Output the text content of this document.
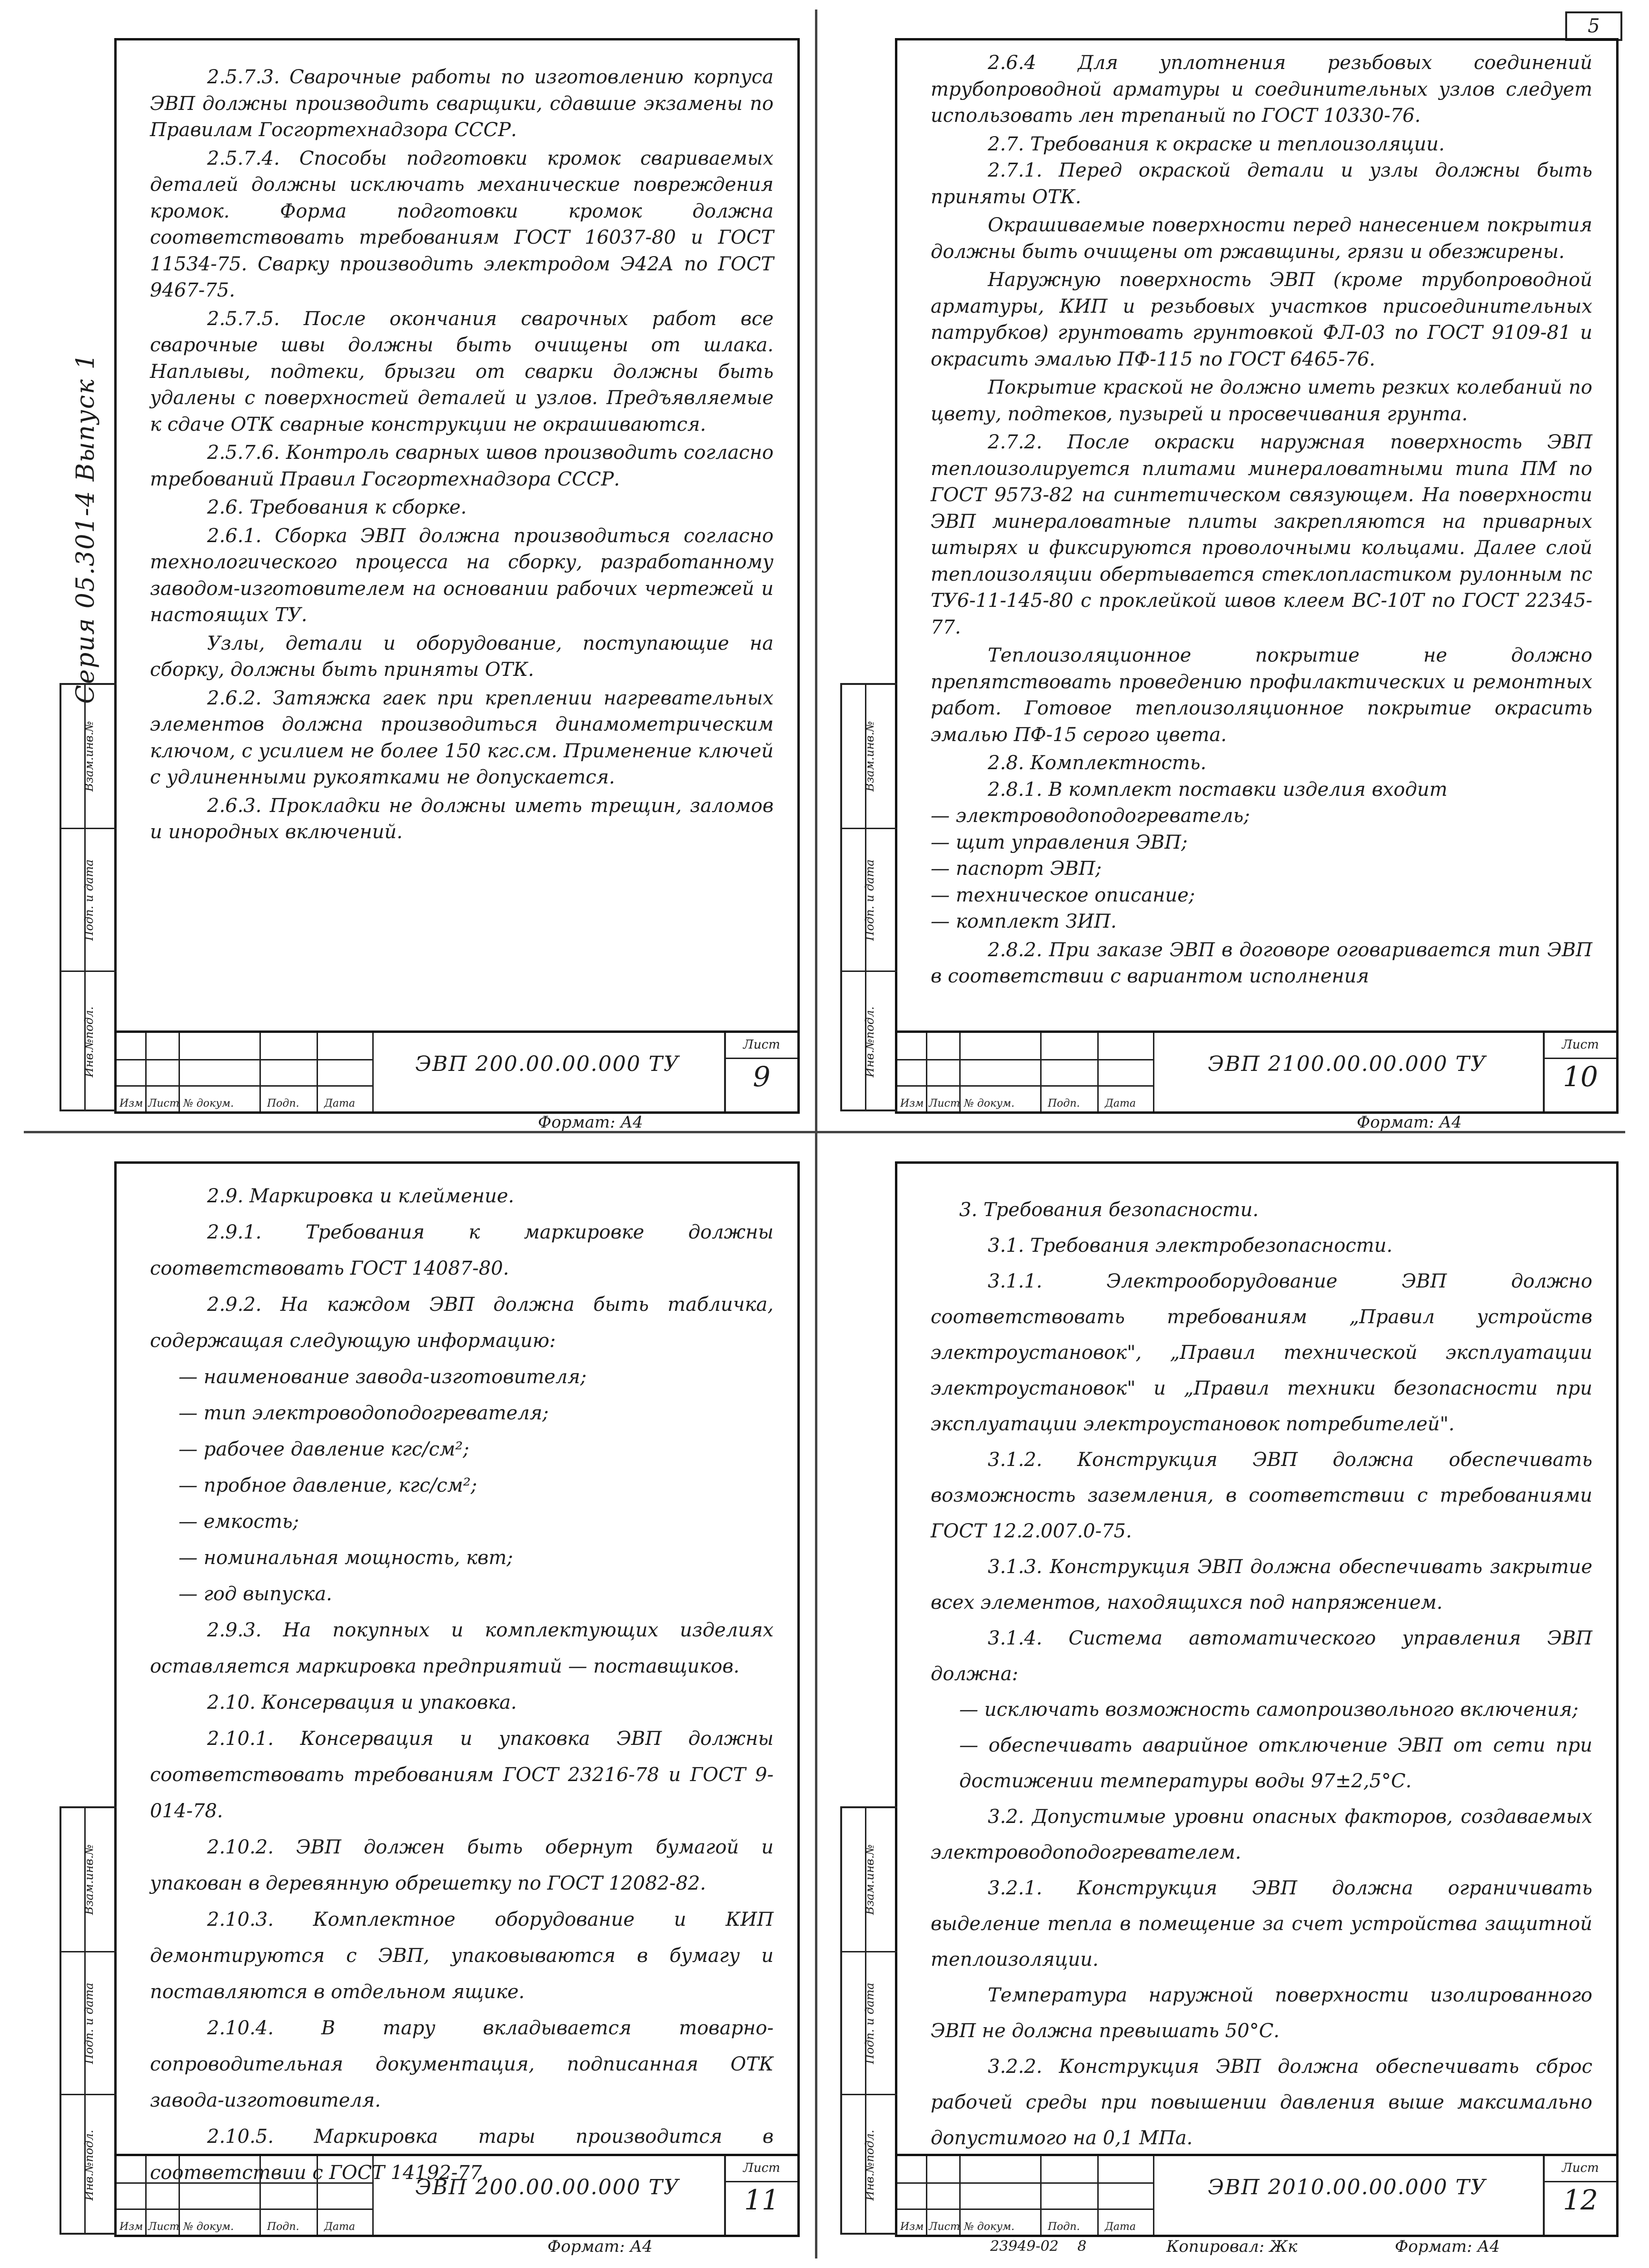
5
Серия 05.301-4 Выпуск 1

2.5.7.3. Сварочные работы по изготовлению корпуса ЭВП должны производить сварщики, сдавшие экзамены по Правилам Госгортехнадзора СССР.

2.5.7.4. Способы подготовки кромок свариваемых деталей должны исключать механические повреждения кромок. Форма подготовки кромок должна соответствовать требованиям ГОСТ 16037-80 и ГОСТ 11534-75. Сварку производить электродом Э42А по ГОСТ 9467-75.

2.5.7.5. После окончания сварочных работ все сварочные швы должны быть очищены от шлака. Наплывы, подтеки, брызги от сварки должны быть удалены с поверхностей деталей и узлов. Предъявляемые к сдаче ОТК сварные конструкции не окрашиваются.

2.5.7.6. Контроль сварных швов производить согласно требований Правил Госгортехнадзора СССР.

2.6. Требования к сборке.

2.6.1. Сборка ЭВП должна производиться согласно технологического процесса на сборку, разработанному заводом-изготовителем на основании рабочих чертежей и настоящих ТУ.

Узлы, детали и оборудование, поступающие на сборку, должны быть приняты ОТК.

2.6.2. Затяжка гаек при креплении нагревательных элементов должна производиться динамометрическим ключом, с усилием не более 150 кгс.см. Применение ключей с удлиненными рукоятками не допускается.

2.6.3. Прокладки не должны иметь трещин, заломов и инородных включений.

Взам.инв.№
Подп. и дата
Инв.№подл.
Изм Лист № докум.	Подп. Дата
ЭВП 200.00.00.000 ТУ
Лист
9
Формат: А4

2.6.4 Для уплотнения резьбовых соединений трубопроводной арматуры и соединительных узлов следует использовать лен трепаный по ГОСТ 10330-76.

2.7. Требования к окраске и теплоизоляции.

2.7.1. Перед окраской детали и узлы должны быть приняты ОТК.

Окрашиваемые поверхности перед нанесением покрытия должны быть очищены от ржавщины, грязи и обезжирены.

Наружную поверхность ЭВП (кроме трубопроводной арматуры, КИП и резьбовых участков присоединительных патрубков) грунтовать грунтовкой ФЛ-03 по ГОСТ 9109-81 и окрасить эмалью ПФ-115 по ГОСТ 6465-76.

Покрытие краской не должно иметь резких колебаний по цвету, подтеков, пузырей и просвечивания грунта.

2.7.2. После окраски наружная поверхность ЭВП теплоизолируется плитами минераловатными типа ПМ по ГОСТ 9573-82 на синтетическом связующем. На поверхности ЭВП минераловатные плиты закрепляются на приварных штырях и фиксируются проволочными кольцами. Далее слой теплоизоляции обертывается стеклопластиком рулонным пс ТУ6-11-145-80 с проклейкой швов клеем ВС-10Т по ГОСТ 22345-77.

Теплоизоляционное покрытие не должно препятствовать проведению профилактических и ремонтных работ. Готовое теплоизоляционное покрытие окрасить эмалью ПФ-15 серого цвета.

2.8. Комплектность.

2.8.1. В комплект поставки изделия входит

— электроводоподогреватель;

— щит управления ЭВП;

— паспорт ЭВП;

— техническое описание;

— комплект ЗИП.

2.8.2. При заказе ЭВП в договоре оговаривается тип ЭВП в соответствии с вариантом исполнения

Взам.инв.№
Подп. и дата
Инв.№подл.
Изм Лист № докум.	Подп. Дата
ЭВП 2100.00.00.000 ТУ
Лист
10
Формат: А4

2.9. Маркировка и клеймение.

2.9.1. Требования к маркировке должны соответствовать ГОСТ 14087-80.

2.9.2. На каждом ЭВП должна быть табличка, содержащая следующую информацию:

— наименование завода-изготовителя;

— тип электроводоподогревателя;

— рабочее давление кгс/см²;

— пробное давление, кгс/см²;

— емкость;

— номинальная мощность, квт;

— год выпуска.

2.9.3. На покупных и комплектующих изделиях оставляется маркировка предприятий — поставщиков.

2.10. Консервация и упаковка.

2.10.1. Консервация и упаковка ЭВП должны соответствовать требованиям ГОСТ 23216-78 и ГОСТ 9-014-78.

2.10.2. ЭВП должен быть обернут бумагой и упакован в деревянную обрешетку по ГОСТ 12082-82.

2.10.3. Комплектное оборудование и КИП демонтируются с ЭВП, упаковываются в бумагу и поставляются в отдельном ящике.

2.10.4. В тару вкладывается товарно-сопроводительная документация, подписанная ОТК завода-изготовителя.

2.10.5. Маркировка тары производится в соответствии с ГОСТ 14192-77.

Взам.инв.№
Подп. и дата
Инв.№подл.
Изм Лист № докум.	Подп. Дата
ЭВП 200.00.00.000 ТУ
Лист
11
Формат: А4

3. Требования безопасности.

3.1. Требования электробезопасности.

3.1.1. Электрооборудование ЭВП должно соответствовать требованиям „Правил устройств электроустановок", „Правил технической эксплуатации электроустановок" и „Правил техники безопасности при эксплуатации электроустановок потребителей".

3.1.2. Конструкция ЭВП должна обеспечивать возможность заземления, в соответствии с требованиями ГОСТ 12.2.007.0-75.

3.1.3. Конструкция ЭВП должна обеспечивать закрытие всех элементов, находящихся под напряжением.

3.1.4. Система автоматического управления ЭВП должна:

— исключать возможность самопроизвольного включения;

— обеспечивать аварийное отключение ЭВП от сети при достижении температуры воды 97±2,5°С.

3.2. Допустимые уровни опасных факторов, создаваемых электроводоподогревателем.

3.2.1. Конструкция ЭВП должна ограничивать выделение тепла в помещение за счет устройства защитной теплоизоляции.

Температура наружной поверхности изолированного ЭВП не должна превышать 50°С.

3.2.2. Конструкция ЭВП должна обеспечивать сброс рабочей среды при повышении давления выше максимально допустимого на 0,1 МПа.

Взам.инв.№
Подп. и дата
Инв.№подл.
Изм Лист № докум.	Подп. Дата
ЭВП 2010.00.00.000 ТУ
Лист
12
23949-02 8	Копировал: Жк	Формат: А4
